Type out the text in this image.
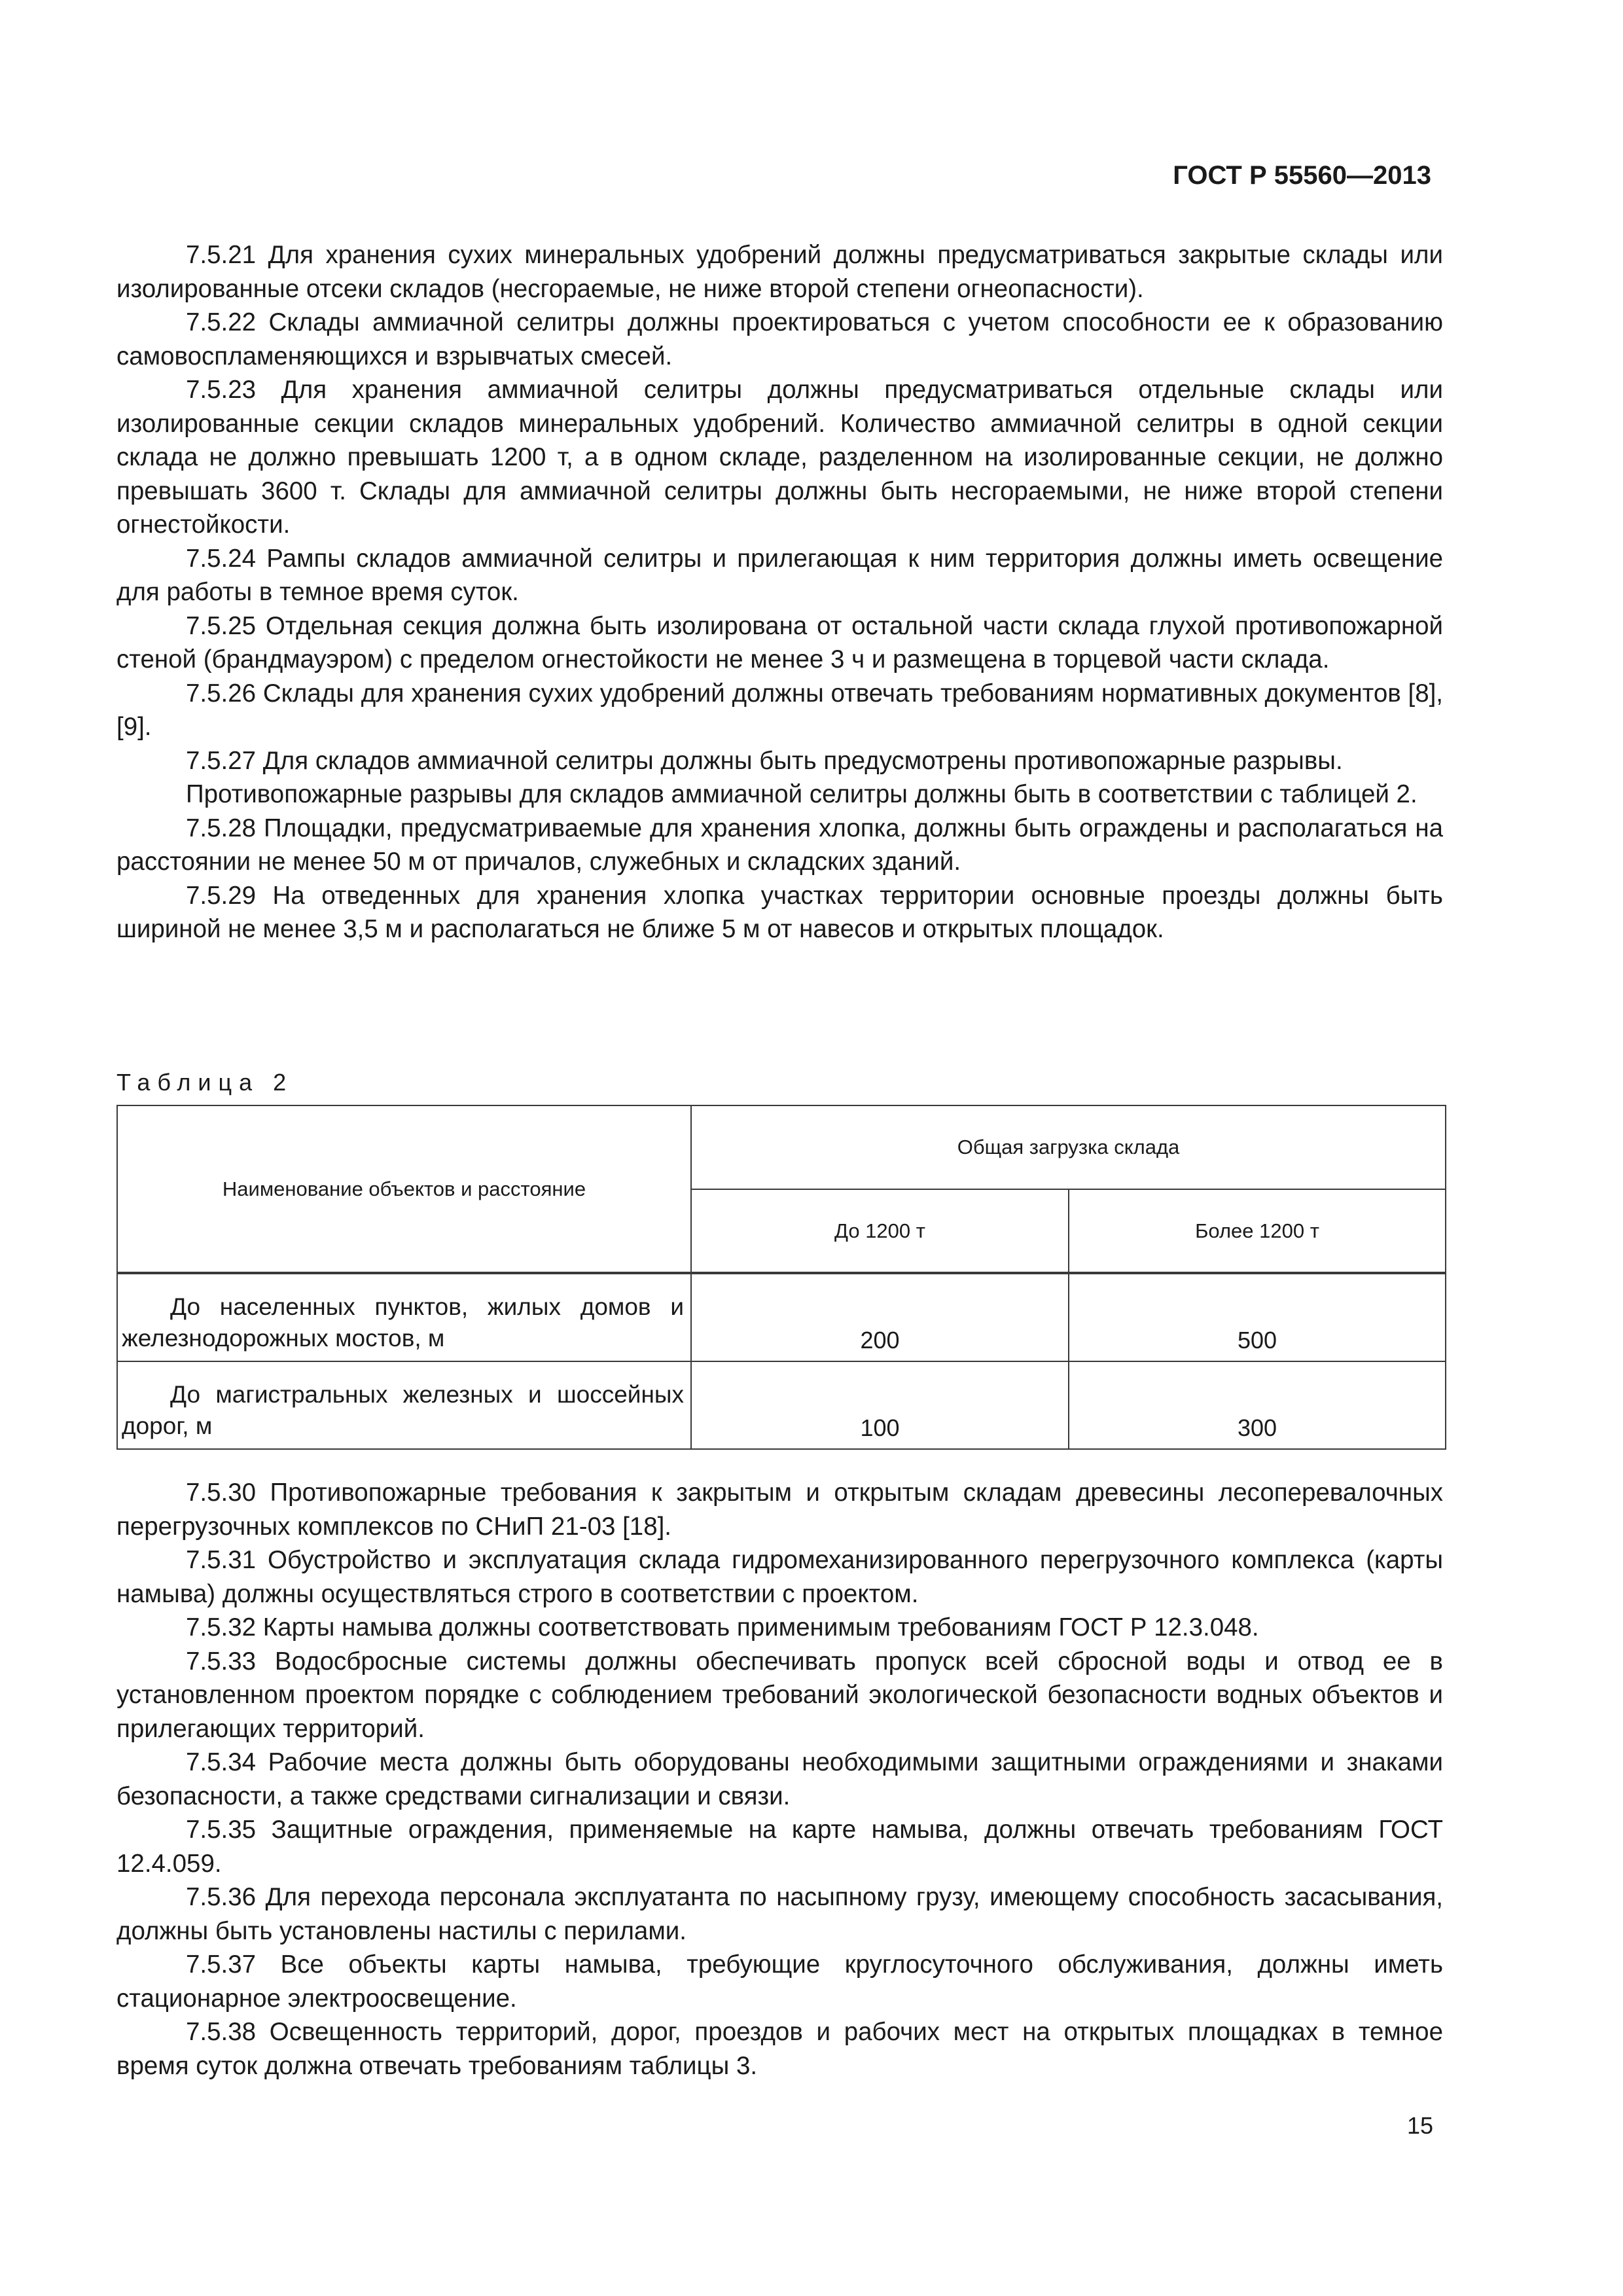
ГОСТ Р 55560—2013

7.5.21 Для хранения сухих минеральных удобрений должны предусматриваться закрытые склады или изолированные отсеки складов (несгораемые, не ниже второй степени огнеопасности).

7.5.22 Склады аммиачной селитры должны проектироваться с учетом способности ее к образованию самовоспламеняющихся и взрывчатых смесей.

7.5.23 Для хранения аммиачной селитры должны предусматриваться отдельные склады или изолированные секции складов минеральных удобрений. Количество аммиачной селитры в одной секции склада не должно превышать 1200 т, а в одном складе, разделенном на изолированные секции, не должно превышать 3600 т. Склады для аммиачной селитры должны быть несгораемыми, не ниже второй степени огнестойкости.

7.5.24 Рампы складов аммиачной селитры и прилегающая к ним территория должны иметь освещение для работы в темное время суток.

7.5.25 Отдельная секция должна быть изолирована от остальной части склада глухой противопожарной стеной (брандмауэром) с пределом огнестойкости не менее 3 ч и размещена в торцевой части склада.

7.5.26 Склады для хранения сухих удобрений должны отвечать требованиям нормативных документов [8], [9].

7.5.27 Для складов аммиачной селитры должны быть предусмотрены противопожарные разрывы.

Противопожарные разрывы для складов аммиачной селитры должны быть в соответствии с таблицей 2.

7.5.28 Площадки, предусматриваемые для хранения хлопка, должны быть ограждены и располагаться на расстоянии не менее 50 м от причалов, служебных и складских зданий.

7.5.29 На отведенных для хранения хлопка участках территории основные проезды должны быть шириной не менее 3,5 м и располагаться не ближе 5 м от навесов и открытых площадок.

Таблица 2
Наименование объектов и расстояние	Общая загрузка склада	
	До 1200 т	Более 1200 т

До населенных пунктов, жилых домов и железнодорожных мостов, м	200	500

До магистральных железных и шоссейных дорог, м	100	300

7.5.30 Противопожарные требования к закрытым и открытым складам древесины лесоперевалочных перегрузочных комплексов по СНиП 21-03 [18].

7.5.31 Обустройство и эксплуатация склада гидромеханизированного перегрузочного комплекса (карты намыва) должны осуществляться строго в соответствии с проектом.

7.5.32 Карты намыва должны соответствовать применимым требованиям ГОСТ Р 12.3.048.

7.5.33 Водосбросные системы должны обеспечивать пропуск всей сбросной воды и отвод ее в установленном проектом порядке с соблюдением требований экологической безопасности водных объектов и прилегающих территорий.

7.5.34 Рабочие места должны быть оборудованы необходимыми защитными ограждениями и знаками безопасности, а также средствами сигнализации и связи.

7.5.35 Защитные ограждения, применяемые на карте намыва, должны отвечать требованиям ГОСТ 12.4.059.

7.5.36 Для перехода персонала эксплуатанта по насыпному грузу, имеющему способность засасывания, должны быть установлены настилы с перилами.

7.5.37 Все объекты карты намыва, требующие круглосуточного обслуживания, должны иметь стационарное электроосвещение.

7.5.38 Освещенность территорий, дорог, проездов и рабочих мест на открытых площадках в темное время суток должна отвечать требованиям таблицы 3.

15
